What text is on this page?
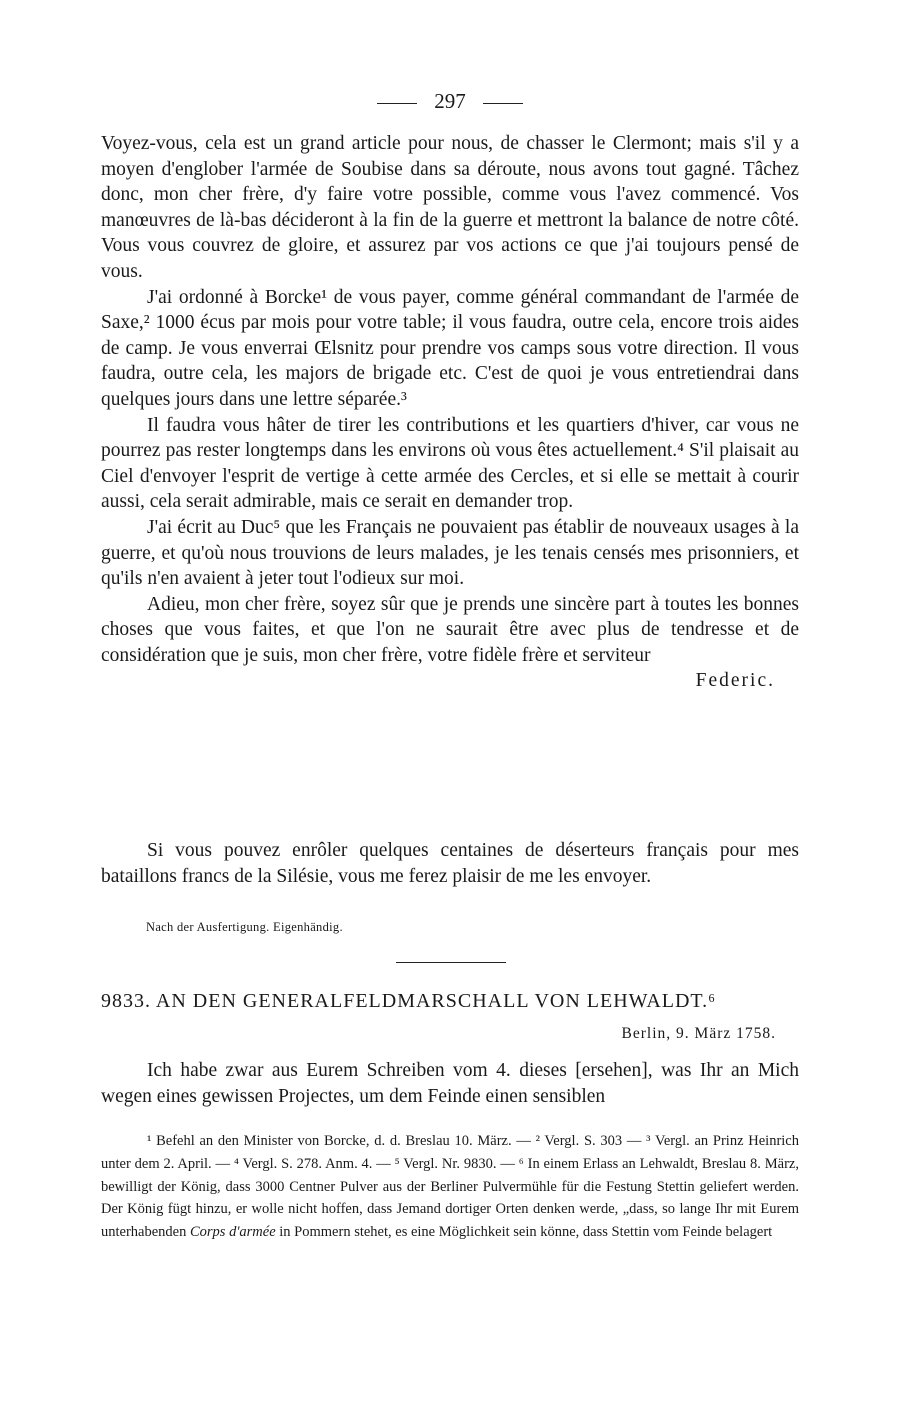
297

Voyez-vous, cela est un grand article pour nous, de chasser le Clermont; mais s'il y a moyen d'englober l'armée de Soubise dans sa déroute, nous avons tout gagné. Tâchez donc, mon cher frère, d'y faire votre possible, comme vous l'avez commencé. Vos manœuvres de là-bas décideront à la fin de la guerre et mettront la balance de notre côté. Vous vous couvrez de gloire, et assurez par vos actions ce que j'ai toujours pensé de vous.

J'ai ordonné à Borcke¹ de vous payer, comme général commandant de l'armée de Saxe,² 1000 écus par mois pour votre table; il vous faudra, outre cela, encore trois aides de camp. Je vous enverrai Œlsnitz pour prendre vos camps sous votre direction. Il vous faudra, outre cela, les majors de brigade etc. C'est de quoi je vous entretiendrai dans quelques jours dans une lettre séparée.³

Il faudra vous hâter de tirer les contributions et les quartiers d'hiver, car vous ne pourrez pas rester longtemps dans les environs où vous êtes actuellement.⁴ S'il plaisait au Ciel d'envoyer l'esprit de vertige à cette armée des Cercles, et si elle se mettait à courir aussi, cela serait admirable, mais ce serait en demander trop.

J'ai écrit au Duc⁵ que les Français ne pouvaient pas établir de nouveaux usages à la guerre, et qu'où nous trouvions de leurs malades, je les tenais censés mes prisonniers, et qu'ils n'en avaient à jeter tout l'odieux sur moi.

Adieu, mon cher frère, soyez sûr que je prends une sincère part à toutes les bonnes choses que vous faites, et que l'on ne saurait être avec plus de tendresse et de considération que je suis, mon cher frère, votre fidèle frère et serviteur

Federic.

Si vous pouvez enrôler quelques centaines de déserteurs français pour mes bataillons francs de la Silésie, vous me ferez plaisir de me les envoyer.

Nach der Ausfertigung. Eigenhändig.
9833. AN DEN GENERALFELDMARSCHALL VON LEHWALDT.⁶
Berlin, 9. März 1758.

Ich habe zwar aus Eurem Schreiben vom 4. dieses [ersehen], was Ihr an Mich wegen eines gewissen Projectes, um dem Feinde einen sensiblen

¹ Befehl an den Minister von Borcke, d. d. Breslau 10. März. — ² Vergl. S. 303 — ³ Vergl. an Prinz Heinrich unter dem 2. April. — ⁴ Vergl. S. 278. Anm. 4. — ⁵ Vergl. Nr. 9830. — ⁶ In einem Erlass an Lehwaldt, Breslau 8. März, bewilligt der König, dass 3000 Centner Pulver aus der Berliner Pulvermühle für die Festung Stettin geliefert werden. Der König fügt hinzu, er wolle nicht hoffen, dass Jemand dortiger Orten denken werde, „dass, so lange Ihr mit Eurem unterhabenden Corps d'armée in Pommern stehet, es eine Möglichkeit sein könne, dass Stettin vom Feinde belagert
